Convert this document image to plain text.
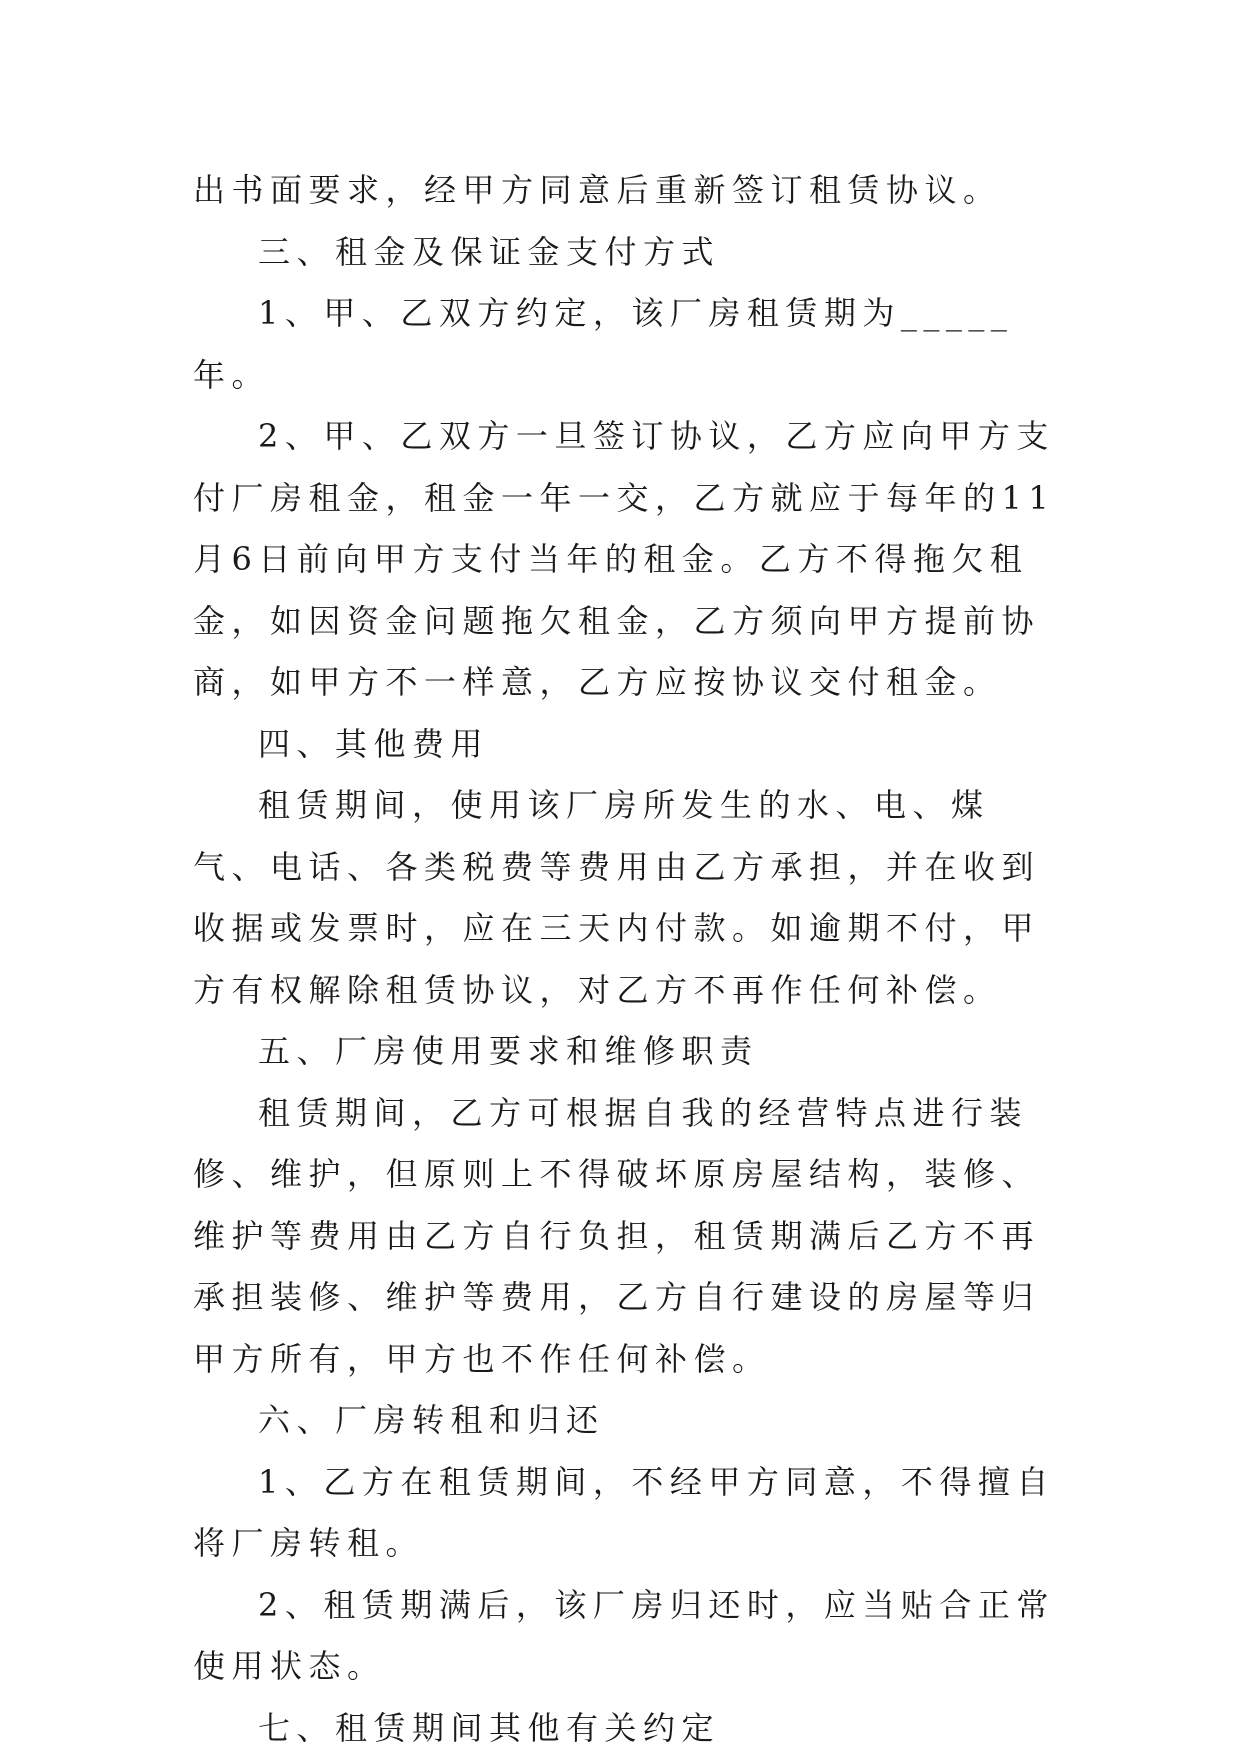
出书面要求，经甲方同意后重新签订租赁协议。

三、租金及保证金支付方式

1、甲、乙双方约定，该厂房租赁期为_____年。

2、甲、乙双方一旦签订协议，乙方应向甲方支付厂房租金，租金一年一交，乙方就应于每年的11月6日前向甲方支付当年的租金。乙方不得拖欠租金，如因资金问题拖欠租金，乙方须向甲方提前协商，如甲方不一样意，乙方应按协议交付租金。

四、其他费用

租赁期间，使用该厂房所发生的水、电、煤气、电话、各类税费等费用由乙方承担，并在收到收据或发票时，应在三天内付款。如逾期不付，甲方有权解除租赁协议，对乙方不再作任何补偿。

五、厂房使用要求和维修职责

租赁期间，乙方可根据自我的经营特点进行装修、维护，但原则上不得破坏原房屋结构，装修、维护等费用由乙方自行负担，租赁期满后乙方不再承担装修、维护等费用，乙方自行建设的房屋等归甲方所有，甲方也不作任何补偿。

六、厂房转租和归还

1、乙方在租赁期间，不经甲方同意，不得擅自将厂房转租。

2、租赁期满后，该厂房归还时，应当贴合正常使用状态。

七、租赁期间其他有关约定
